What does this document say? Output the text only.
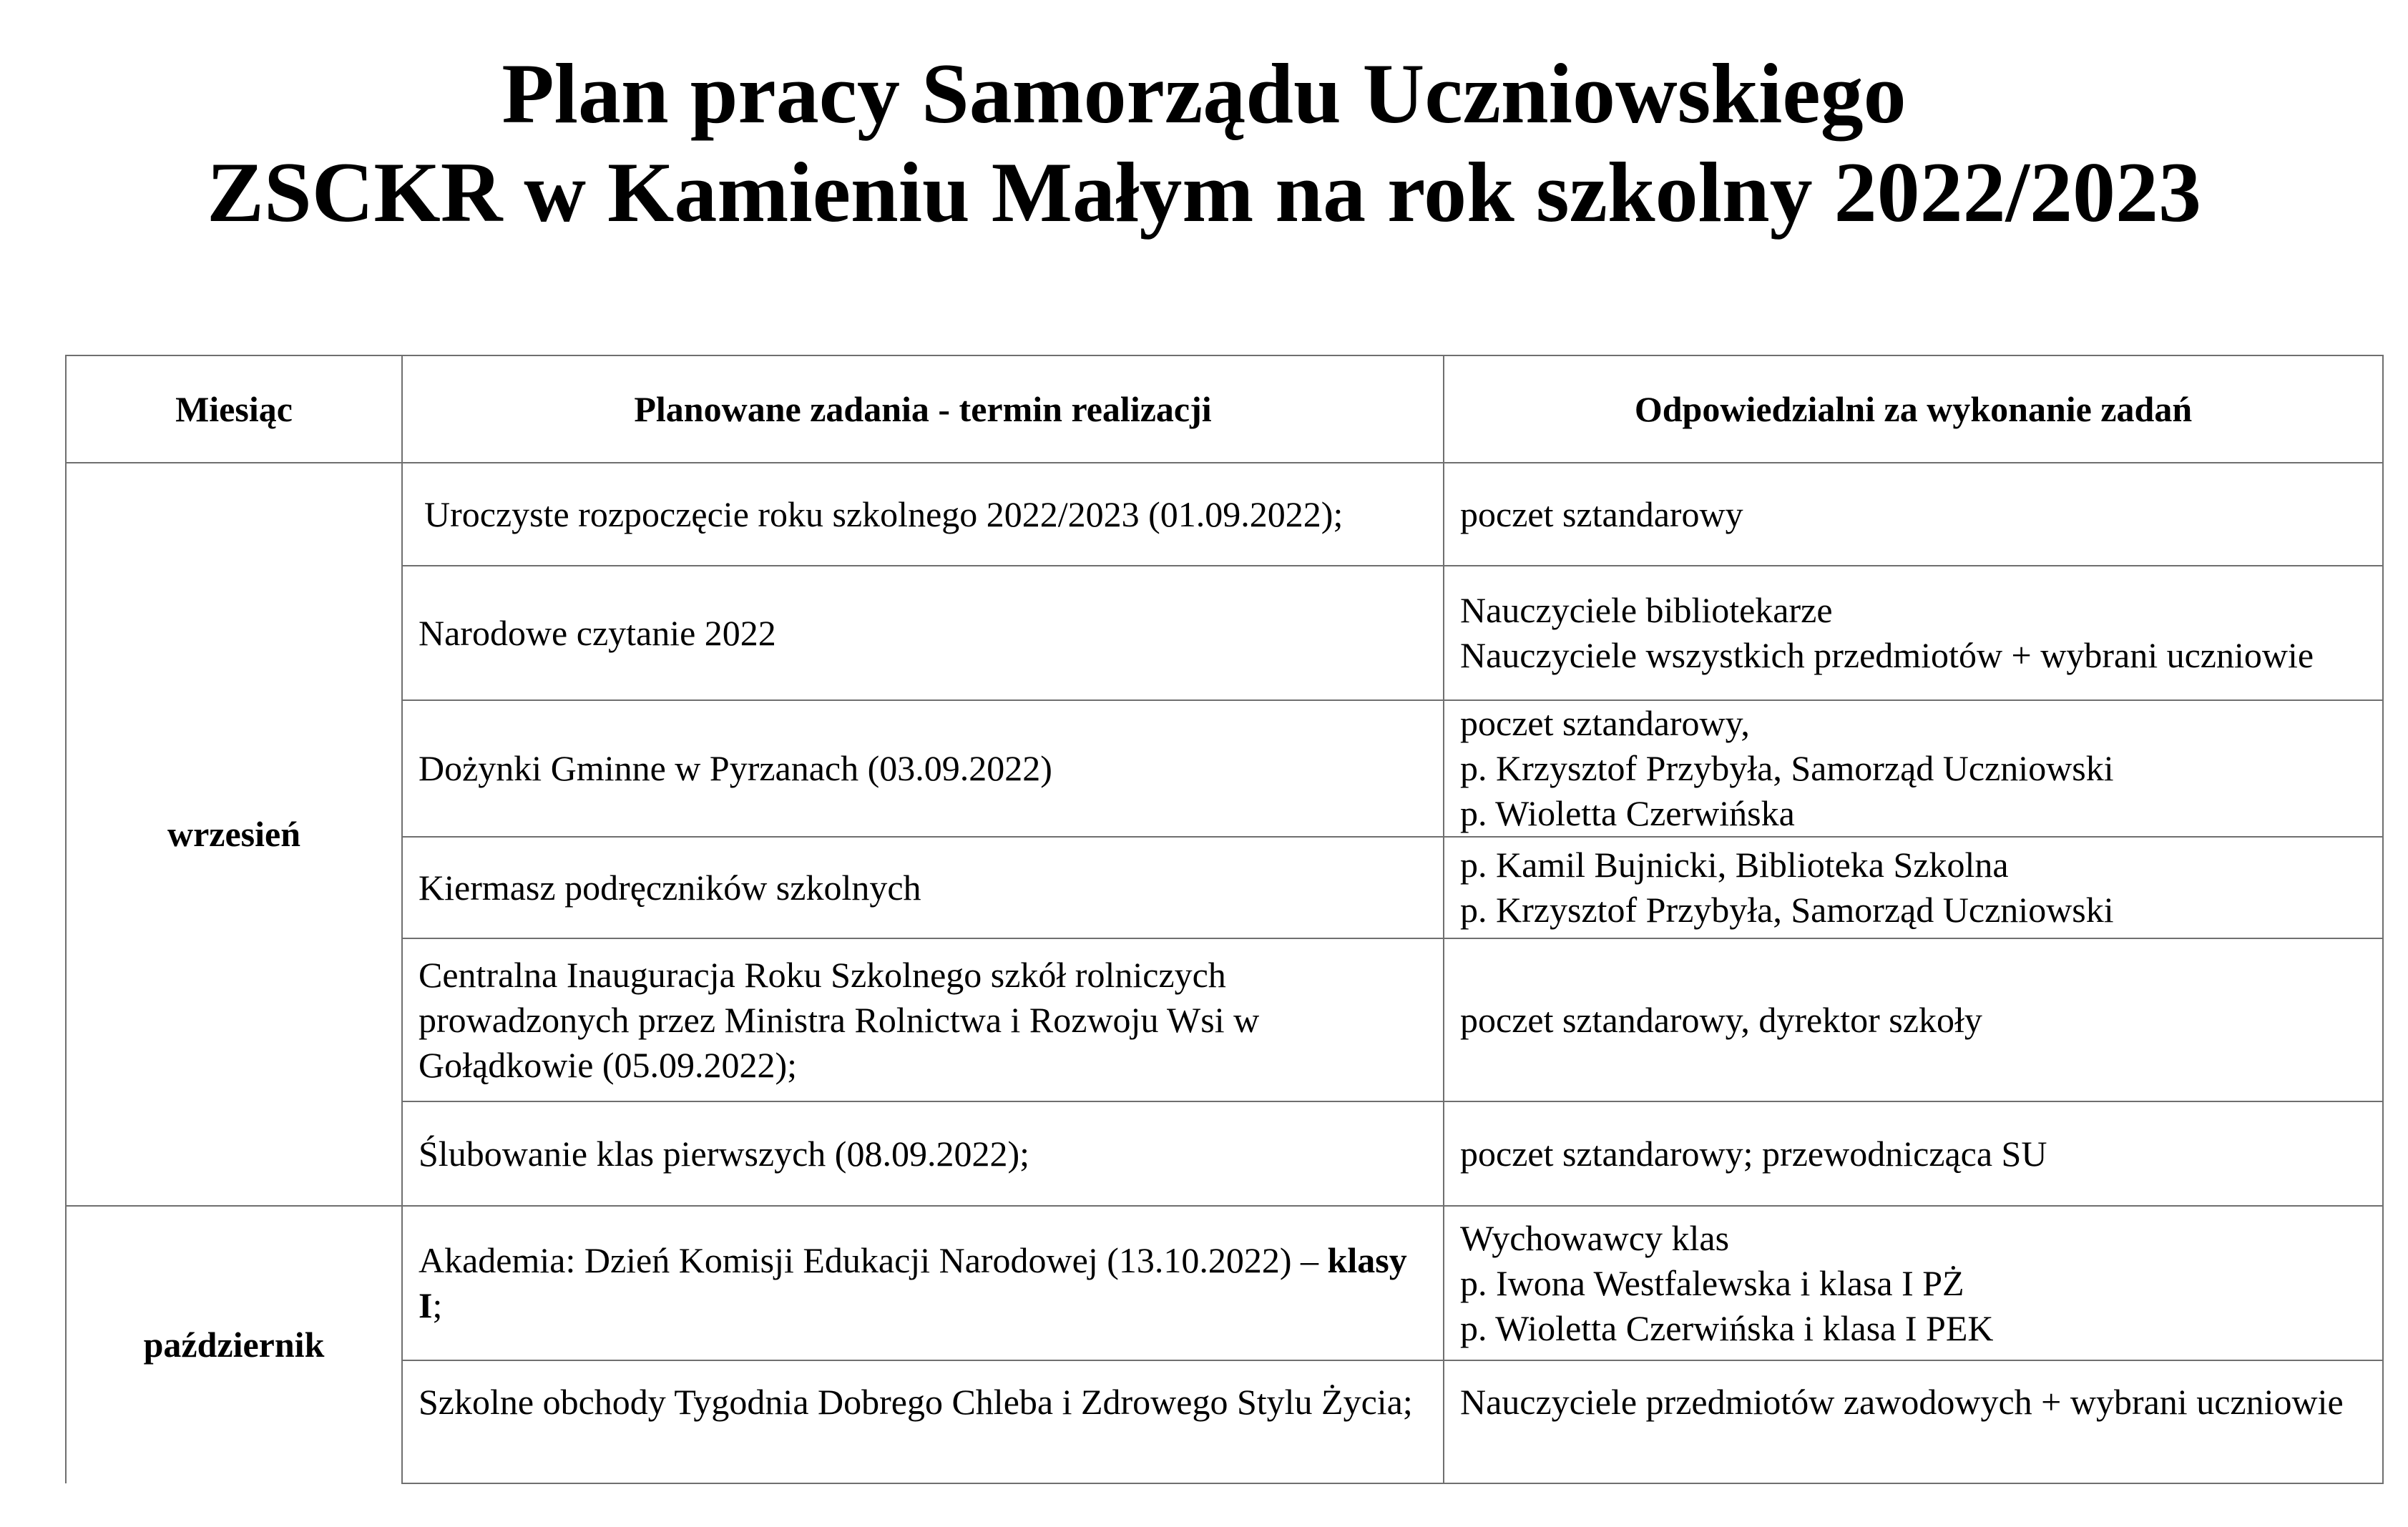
Plan pracy Samorządu Uczniowskiego
ZSCKR w Kamieniu Małym na rok szkolny 2022/2023
Miesiąc	Planowane zadania - termin realizacji	Odpowiedzialni za wykonanie zadań
wrzesień	Uroczyste rozpoczęcie roku szkolnego 2022/2023 (01.09.2022);	poczet sztandarowy

	Narodowe czytanie 2022	Nauczyciele bibliotekarze
Nauczyciele wszystkich przedmiotów + wybrani uczniowie

	Dożynki Gminne w Pyrzanach (03.09.2022)	poczet sztandarowy,
p. Krzysztof Przybyła, Samorząd Uczniowski
p. Wioletta Czerwińska

	Kiermasz podręczników szkolnych	p. Kamil Bujnicki, Biblioteka Szkolna
p. Krzysztof Przybyła, Samorząd Uczniowski

	Centralna Inauguracja Roku Szkolnego szkół rolniczych prowadzonych przez Ministra Rolnictwa i Rozwoju Wsi w Gołądkowie (05.09.2022);	poczet sztandarowy, dyrektor szkoły

	Ślubowanie klas pierwszych (08.09.2022);	poczet sztandarowy; przewodnicząca SU

październik	Akademia: Dzień Komisji Edukacji Narodowej (13.10.2022) – klasy I;	Wychowawcy klas
p. Iwona Westfalewska i klasa I PŻ
p. Wioletta Czerwińska i klasa I PEK

	Szkolne obchody Tygodnia Dobrego Chleba i Zdrowego Stylu Życia;	Nauczyciele przedmiotów zawodowych + wybrani uczniowie
